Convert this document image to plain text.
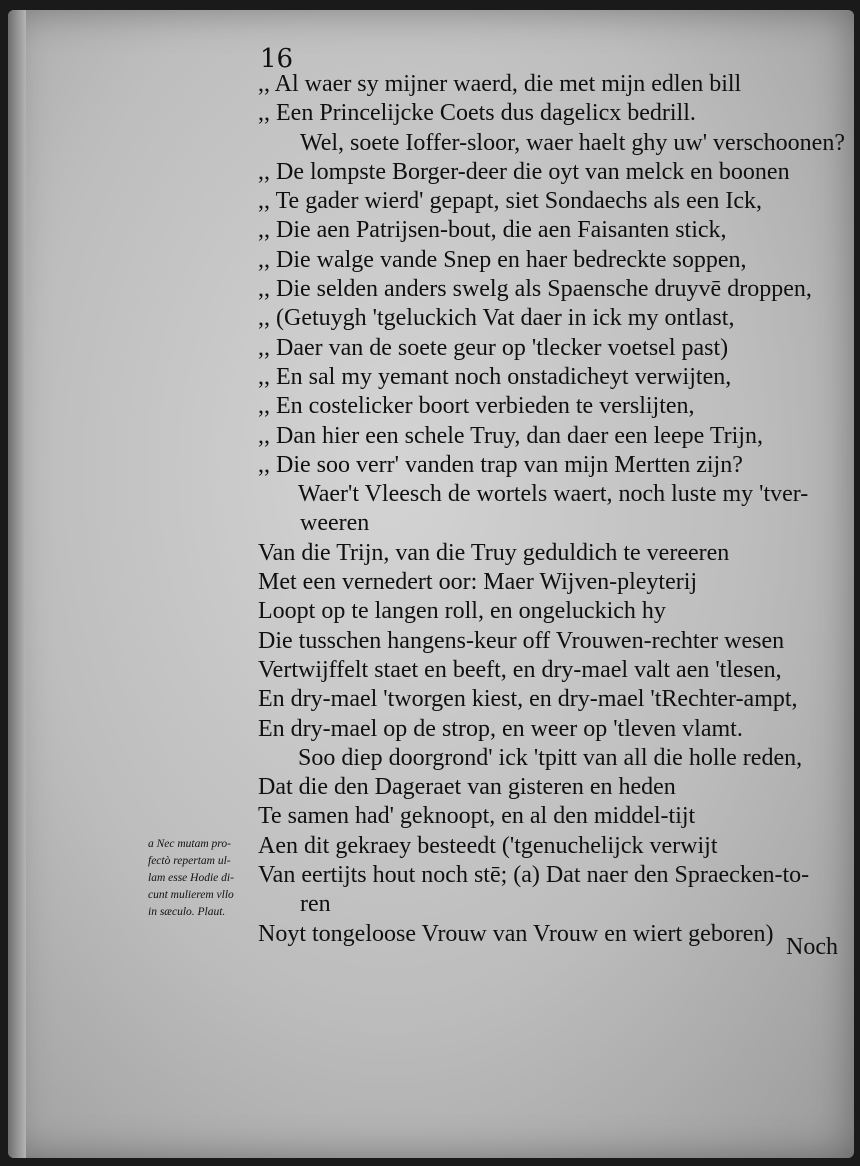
16
,, Al waer sy mijner waerd, die met mijn edlen bill
,, Een Princelijcke Coets dus dagelicx bedrill.
Wel, soete Ioffer-sloor, waer haelt ghy uw' verschoonen?
,, De lompste Borger-deer die oyt van melck en boonen
,, Te gader wierd' gepapt, siet Sondaechs als een Ick,
,, Die aen Patrijsen-bout, die aen Faisanten stick,
,, Die walge vande Snep en haer bedreckte soppen,
,, Die selden anders swelg als Spaensche druyvē droppen,
,, (Getuygh 'tgeluckich Vat daer in ick my ontlast,
,, Daer van de soete geur op 'tlecker voetsel past)
,, En sal my yemant noch onstadicheyt verwijten,
,, En costelicker boort verbieden te verslijten,
,, Dan hier een schele Truy, dan daer een leepe Trijn,
,, Die soo verr' vanden trap van mijn Mertten zijn?
Waer't Vleesch de wortels waert, noch luste my 'tver-
weeren
Van die Trijn, van die Truy geduldich te vereeren
Met een vernedert oor: Maer Wijven-pleyterij
Loopt op te langen roll, en ongeluckich hy
Die tusschen hangens-keur off Vrouwen-rechter wesen
Vertwijffelt staet en beeft, en dry-mael valt aen 'tlesen,
En dry-mael 'tworgen kiest, en dry-mael 'tRechter-ampt,
En dry-mael op de strop, en weer op 'tleven vlamt.
Soo diep doorgrond' ick 'tpitt van all die holle reden,
Dat die den Dageraet van gisteren en heden
Te samen had' geknoopt, en al den middel-tijt
Aen dit gekraey besteedt ('tgenuchelijck verwijt
Van eertijts hout noch stē; (a) Dat naer den Spraecken-to-
ren
Noyt tongeloose Vrouw van Vrouw en wiert geboren)
a Nec mutam pro-
fectò repertam ul-
lam esse Hodie di-
cunt mulierem vllo
in sæculo. Plaut.
Noch
